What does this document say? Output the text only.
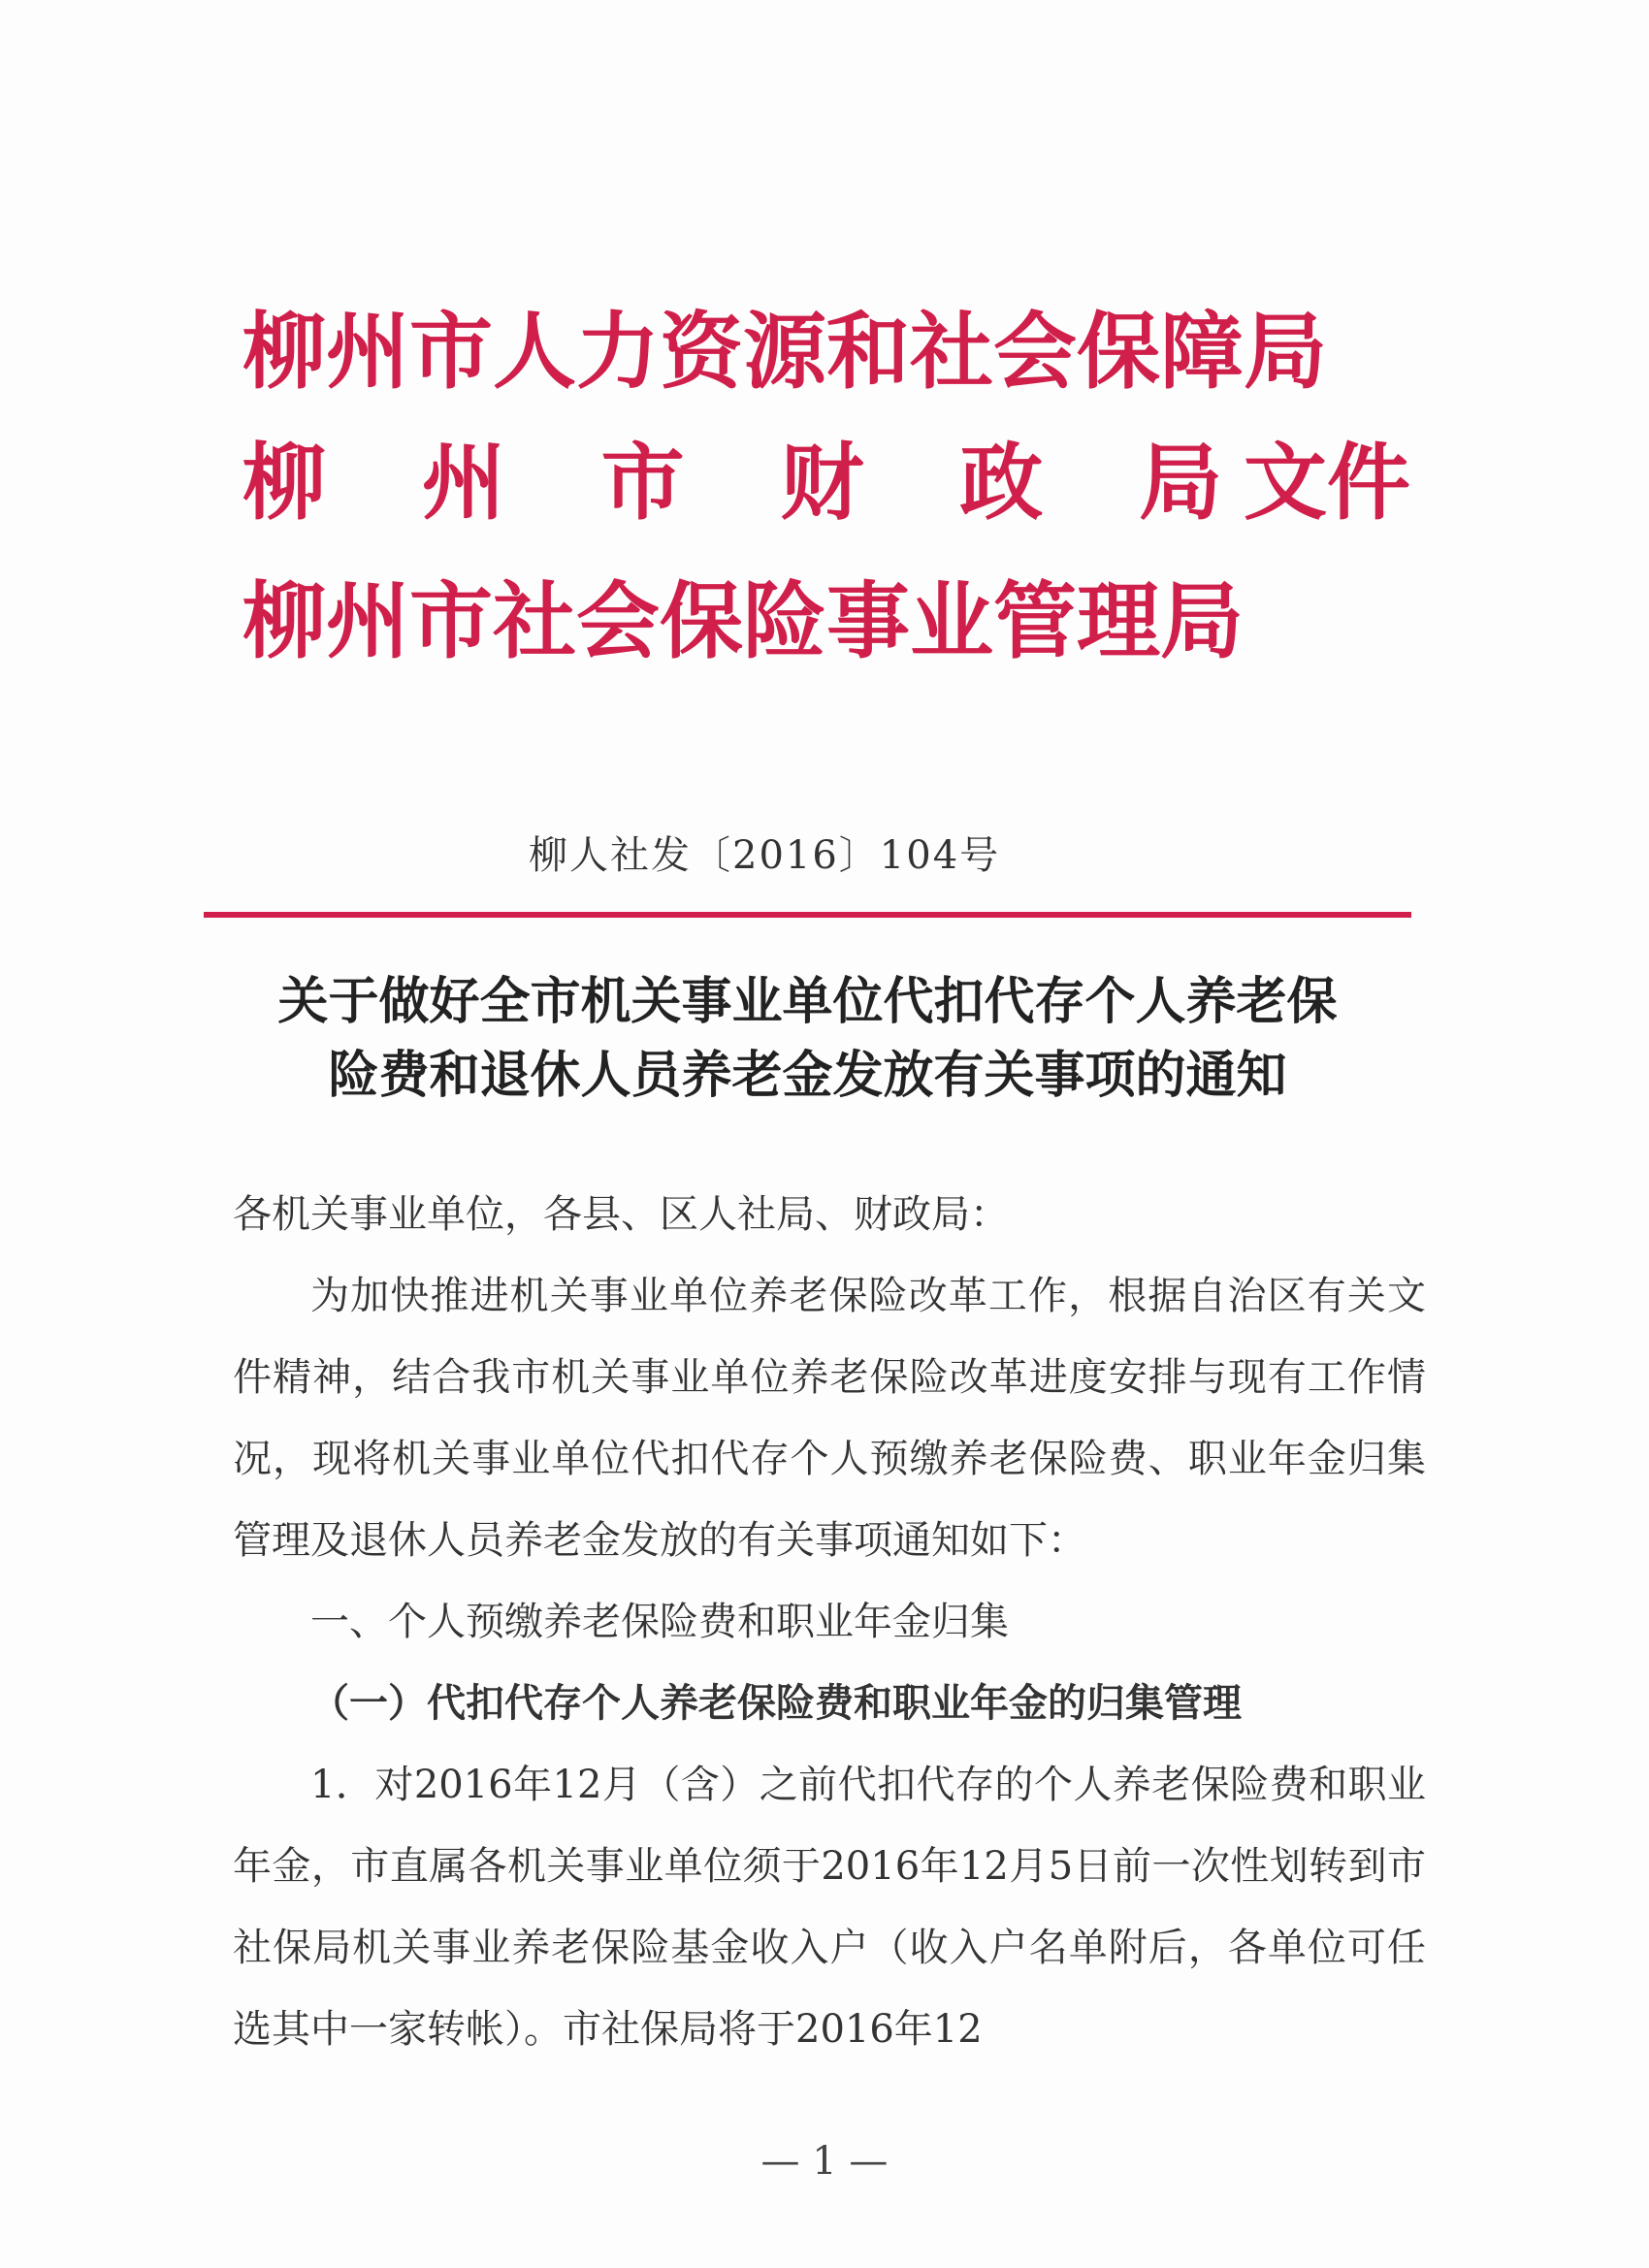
柳州市人力资源和社会保障局
柳 州 市 财 政 局 文件
柳州市社会保险事业管理局
柳人社发〔2016〕104号
关于做好全市机关事业单位代扣代存个人养老保
险费和退休人员养老金发放有关事项的通知

各机关事业单位，各县、区人社局、财政局：

为加快推进机关事业单位养老保险改革工作，根据自治区有关文件精神，结合我市机关事业单位养老保险改革进度安排与现有工作情况，现将机关事业单位代扣代存个人预缴养老保险费、职业年金归集管理及退休人员养老金发放的有关事项通知如下：

一、个人预缴养老保险费和职业年金归集

（一）代扣代存个人养老保险费和职业年金的归集管理

1．对2016年12月（含）之前代扣代存的个人养老保险费和职业年金，市直属各机关事业单位须于2016年12月5日前一次性划转到市社保局机关事业养老保险基金收入户（收入户名单附后，各单位可任选其中一家转帐）。市社保局将于2016年12

— 1 —
